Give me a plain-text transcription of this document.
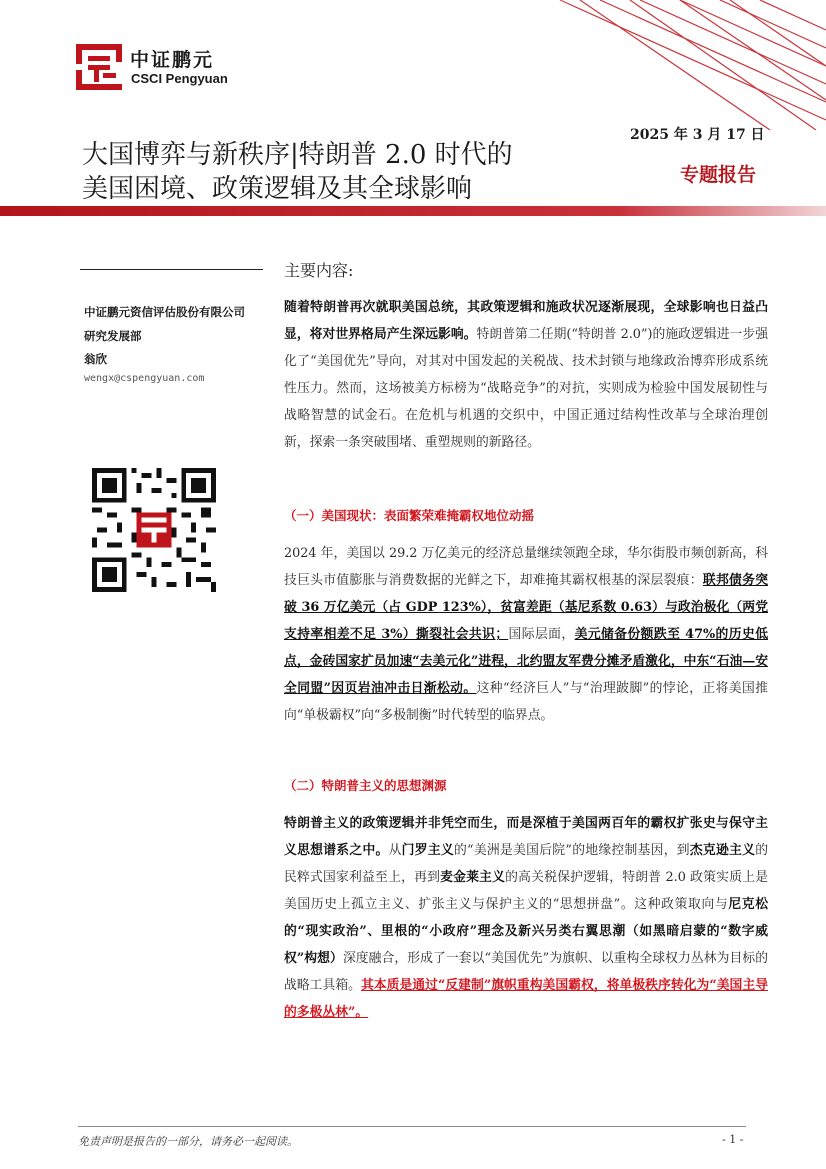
中证鹏元
CSCI Pengyuan
大国博弈与新秩序|特朗普 2.0 时代的
美国困境、政策逻辑及其全球影响
2025 年 3 月 17 日
专题报告
中证鹏元资信评估股份有限公司
研究发展部
翁欣
wengx@cspengyuan.com
主要内容:
随着特朗普再次就职美国总统，其政策逻辑和施政状况逐渐展现，全球影响也日益凸显，将对世界格局产生深远影响。特朗普第二任期(“特朗普 2.0”)的施政逻辑进一步强化了“美国优先”导向，对其对中国发起的关税战、技术封锁与地缘政治博弈形成系统性压力。然而，这场被美方标榜为“战略竞争”的对抗，实则成为检验中国发展韧性与战略智慧的试金石。在危机与机遇的交织中，中国正通过结构性改革与全球治理创新，探索一条突破围堵、重塑规则的新路径。
（一）美国现状：表面繁荣难掩霸权地位动摇
2024 年，美国以 29.2 万亿美元的经济总量继续领跑全球，华尔街股市频创新高，科技巨头市值膨胀与消费数据的光鲜之下，却难掩其霸权根基的深层裂痕：联邦债务突破 36 万亿美元（占 GDP 123%），贫富差距（基尼系数 0.63）与政治极化（两党支持率相差不足 3%）撕裂社会共识；国际层面，美元储备份额跌至 47%的历史低点，金砖国家扩员加速“去美元化”进程，北约盟友军费分摊矛盾激化，中东“石油—安全同盟”因页岩油冲击日渐松动。这种“经济巨人”与“治理跛脚”的悖论，正将美国推向“单极霸权”向“多极制衡”时代转型的临界点。
（二）特朗普主义的思想渊源
特朗普主义的政策逻辑并非凭空而生，而是深植于美国两百年的霸权扩张史与保守主义思想谱系之中。从门罗主义的“美洲是美国后院”的地缘控制基因，到杰克逊主义的民粹式国家利益至上，再到麦金莱主义的高关税保护逻辑，特朗普 2.0 政策实质上是美国历史上孤立主义、扩张主义与保护主义的“思想拼盘”。这种政策取向与尼克松的“现实政治”、里根的“小政府”理念及新兴另类右翼思潮（如黑暗启蒙的“数字威权”构想）深度融合，形成了一套以“美国优先”为旗帜、以重构全球权力丛林为目标的战略工具箱。其本质是通过“反建制”旗帜重构美国霸权，将单极秩序转化为“美国主导的多极丛林”。
免责声明是报告的一部分，请务必一起阅读。	- 1 -
